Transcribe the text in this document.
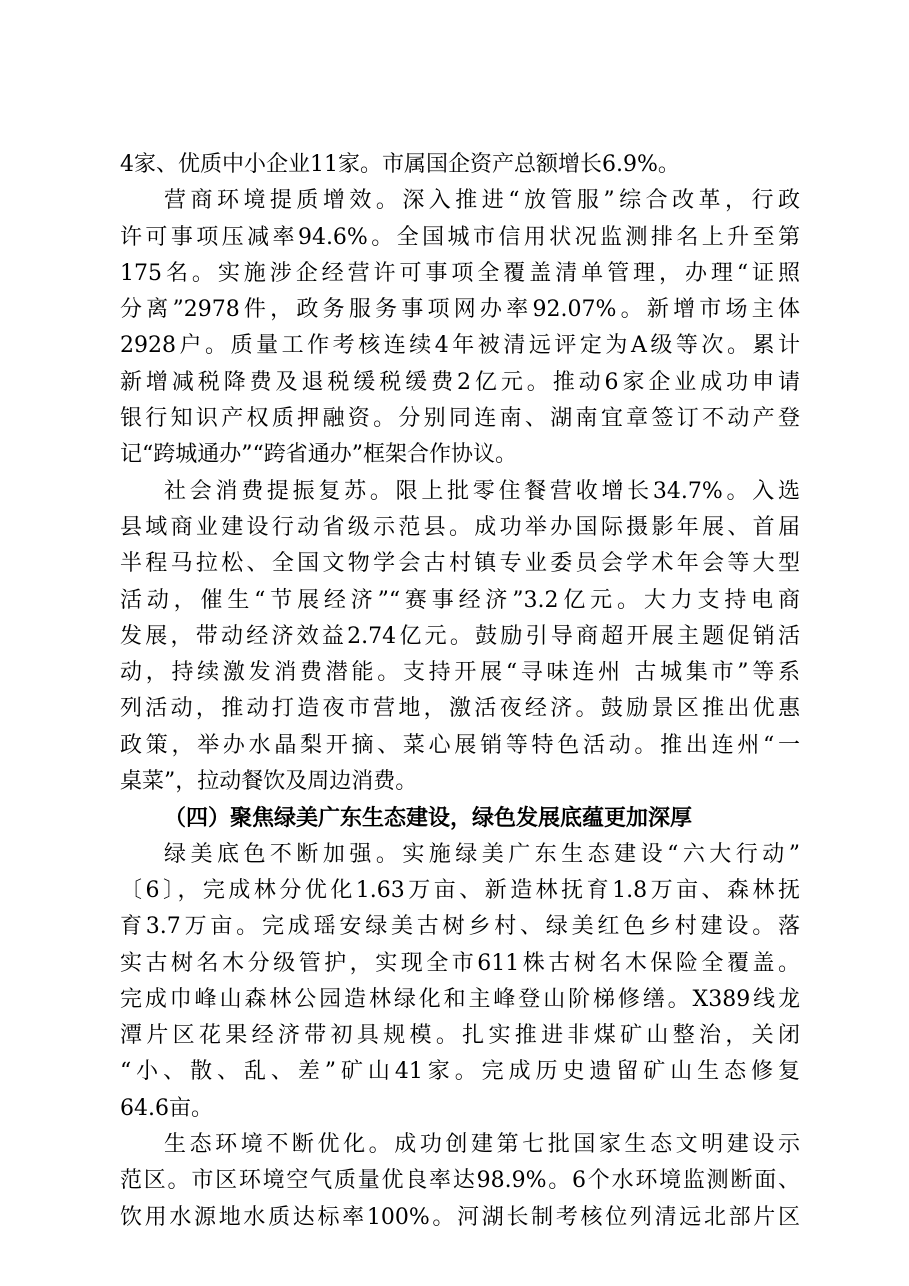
4家、优质中小企业11家。市属国企资产总额增长6.9%。
营商环境提质增效。深入推进“放管服”综合改革，行政
许可事项压减率94.6%。全国城市信用状况监测排名上升至第
175名。实施涉企经营许可事项全覆盖清单管理，办理“证照
分离”2978件，政务服务事项网办率92.07%。新增市场主体
2928户。质量工作考核连续4年被清远评定为A级等次。累计
新增减税降费及退税缓税缓费2亿元。推动6家企业成功申请
银行知识产权质押融资。分别同连南、湖南宜章签订不动产登
记“跨城通办”“跨省通办”框架合作协议。
社会消费提振复苏。限上批零住餐营收增长34.7%。入选
县域商业建设行动省级示范县。成功举办国际摄影年展、首届
半程马拉松、全国文物学会古村镇专业委员会学术年会等大型
活动，催生“节展经济”“赛事经济”3.2亿元。大力支持电商
发展，带动经济效益2.74亿元。鼓励引导商超开展主题促销活
动，持续激发消费潜能。支持开展“寻味连州 古城集市”等系
列活动，推动打造夜市营地，激活夜经济。鼓励景区推出优惠
政策，举办水晶梨开摘、菜心展销等特色活动。推出连州“一
桌菜”，拉动餐饮及周边消费。
（四）聚焦绿美广东生态建设，绿色发展底蕴更加深厚
绿美底色不断加强。实施绿美广东生态建设“六大行动”
〔6〕，完成林分优化1.63万亩、新造林抚育1.8万亩、森林抚
育3.7万亩。完成瑶安绿美古树乡村、绿美红色乡村建设。落
实古树名木分级管护，实现全市611株古树名木保险全覆盖。
完成巾峰山森林公园造林绿化和主峰登山阶梯修缮。X389线龙
潭片区花果经济带初具规模。扎实推进非煤矿山整治，关闭
“小、散、乱、差”矿山41家。完成历史遗留矿山生态修复
64.6亩。
生态环境不断优化。成功创建第七批国家生态文明建设示
范区。市区环境空气质量优良率达98.9%。6个水环境监测断面、
饮用水源地水质达标率100%。河湖长制考核位列清远北部片区
